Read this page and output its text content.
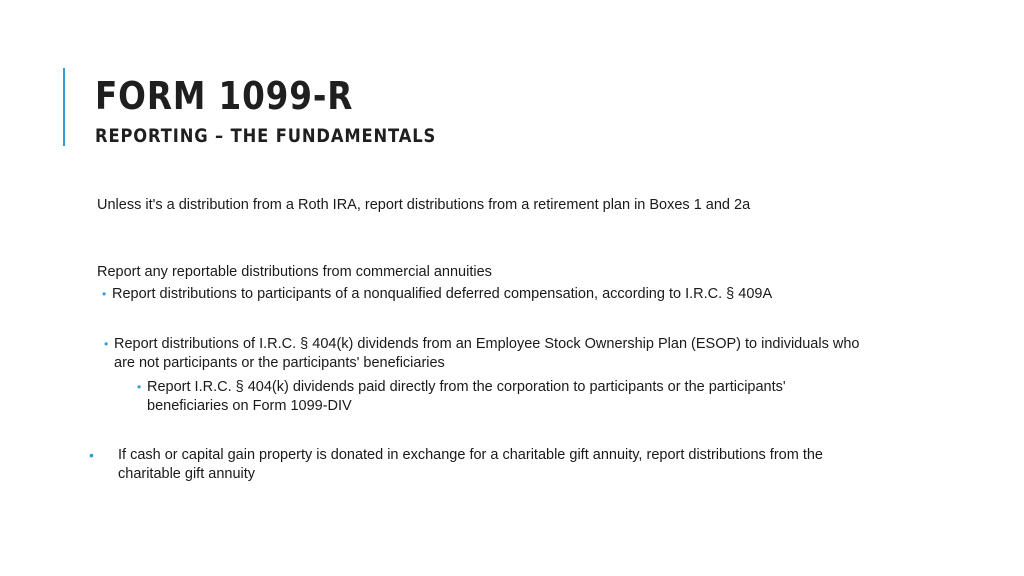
FORM 1099-R
REPORTING – THE FUNDAMENTALS
Unless it's a distribution from a Roth IRA, report distributions from a retirement plan in Boxes 1 and 2a
Report any reportable distributions from commercial annuities
• Report distributions to participants of a nonqualified deferred compensation, according to I.R.C. § 409A
• Report distributions of I.R.C. § 404(k) dividends from an Employee Stock Ownership Plan (ESOP) to individuals who
are not participants or the participants' beneficiaries
• Report I.R.C. § 404(k) dividends paid directly from the corporation to participants or the participants'
beneficiaries on Form 1099-DIV
• If cash or capital gain property is donated in exchange for a charitable gift annuity, report distributions from the
charitable gift annuity
